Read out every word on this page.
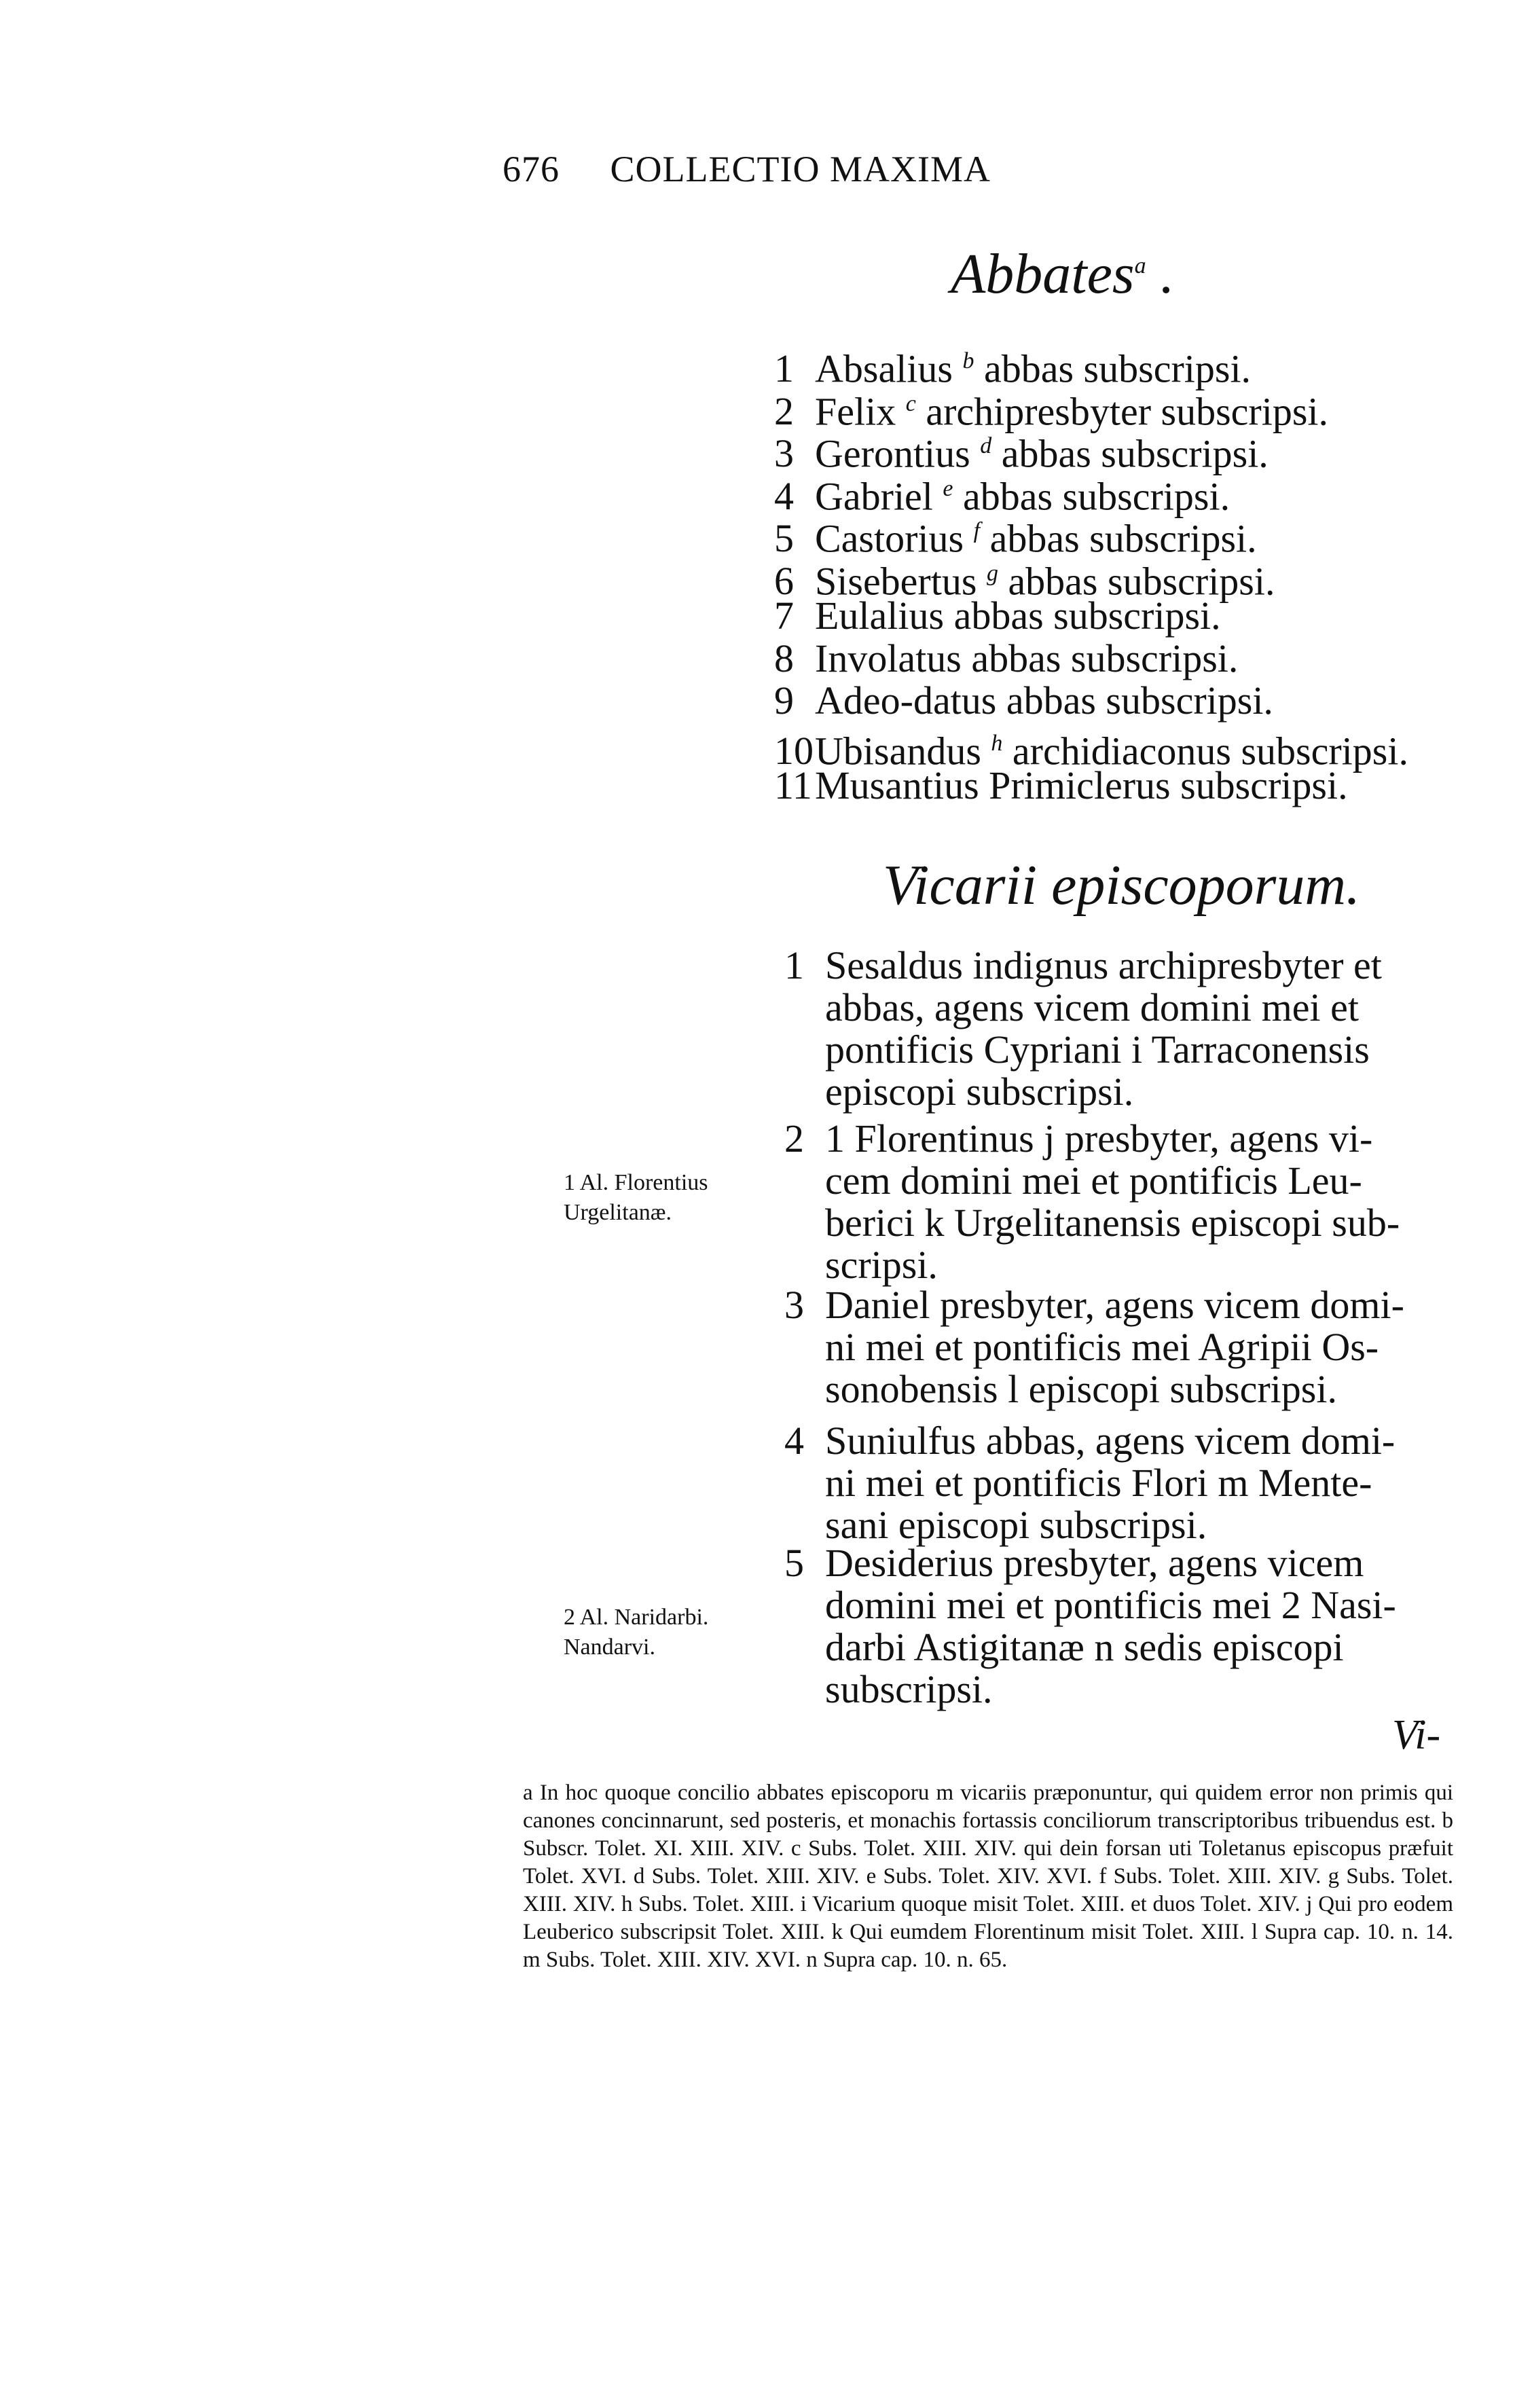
676 COLLECTIO MAXIMA
Abbates$^a$ .
1 Absalius $^b$ abbas subscripsi.
2 Felix $^c$ archipresbyter subscripsi.
3 Gerontius $^d$ abbas subscripsi.
4 Gabriel $^e$ abbas subscripsi.
5 Castorius $^f$ abbas subscripsi.
6 Sisebertus $^g$ abbas subscripsi.
7 Eulalius abbas subscripsi.
8 Involatus abbas subscripsi.
9 Adeo-datus abbas subscripsi.
10Ubisandus $^h$ archidiaconus subscripsi.
11Musantius Primiclerus subscripsi.
Vicarii episcoporum.
1 Sesaldus indignus archipresbyter et
abbas, agens vicem domini mei et
pontificis Cypriani i Tarraconensis
episcopi subscripsi.
2 1 Florentinus j presbyter, agens vi-
cem domini mei et pontificis Leu-
berici k Urgelitanensis episcopi sub-
scripsi.
3 Daniel presbyter, agens vicem domi-
ni mei et pontificis mei Agripii Os-
sonobensis l episcopi subscripsi.
4 Suniulfus abbas, agens vicem domi-
ni mei et pontificis Flori m Mente-
sani episcopi subscripsi.
5 Desiderius presbyter, agens vicem
domini mei et pontificis mei 2 Nasi-
darbi Astigitanæ n sedis episcopi
subscripsi.
1 Al. Florentius
Urgelitanæ.
2 Al. Naridarbi.
Nandarvi.
Vi-
a In hoc quoque concilio abbates episcoporu m vicariis præponuntur, qui quidem error non primis qui canones concinnarunt, sed posteris, et monachis fortassis conciliorum transcriptoribus tribuendus est. b Subscr. Tolet. XI. XIII. XIV. c Subs. Tolet. XIII. XIV. qui dein forsan uti Toletanus episcopus præfuit Tolet. XVI. d Subs. Tolet. XIII. XIV. e Subs. Tolet. XIV. XVI. f Subs. Tolet. XIII. XIV. g Subs. Tolet. XIII. XIV. h Subs. Tolet. XIII. i Vicarium quoque misit Tolet. XIII. et duos Tolet. XIV. j Qui pro eodem Leuberico subscripsit Tolet. XIII. k Qui eumdem Florentinum misit Tolet. XIII. l Supra cap. 10. n. 14. m Subs. Tolet. XIII. XIV. XVI. n Supra cap. 10. n. 65.
